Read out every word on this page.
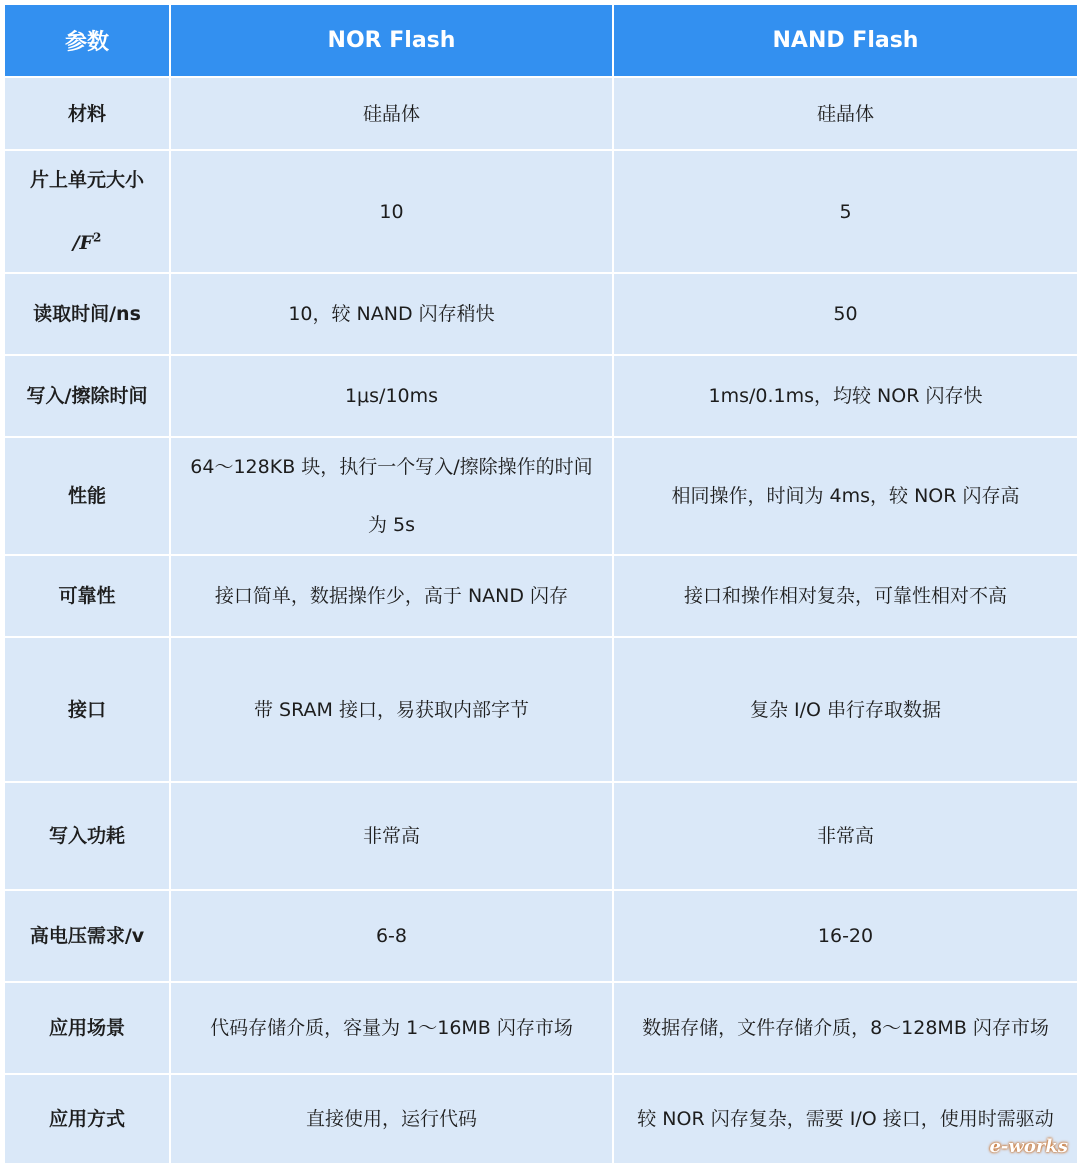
参数	NOR Flash	NAND Flash
材料	硅晶体	硅晶体
片上单元大小
$/F^2$	10	5
读取时间/ns	10，较 NAND 闪存稍快	50
写入/擦除时间	1μs/10ms	1ms/0.1ms，均较 NOR 闪存快
性能	64～128KB 块，执行一个写入/擦除操作的时间为 5s	相同操作，时间为 4ms，较 NOR 闪存高
可靠性	接口简单，数据操作少，高于 NAND 闪存	接口和操作相对复杂，可靠性相对不高
接口	带 SRAM 接口，易获取内部字节	复杂 I/O 串行存取数据
写入功耗	非常高	非常高
高电压需求/v	6-8	16-20
应用场景	代码存储介质，容量为 1～16MB 闪存市场	数据存储，文件存储介质，8～128MB 闪存市场
应用方式	直接使用，运行代码	较 NOR 闪存复杂，需要 I/O 接口，使用时需驱动
e-works
